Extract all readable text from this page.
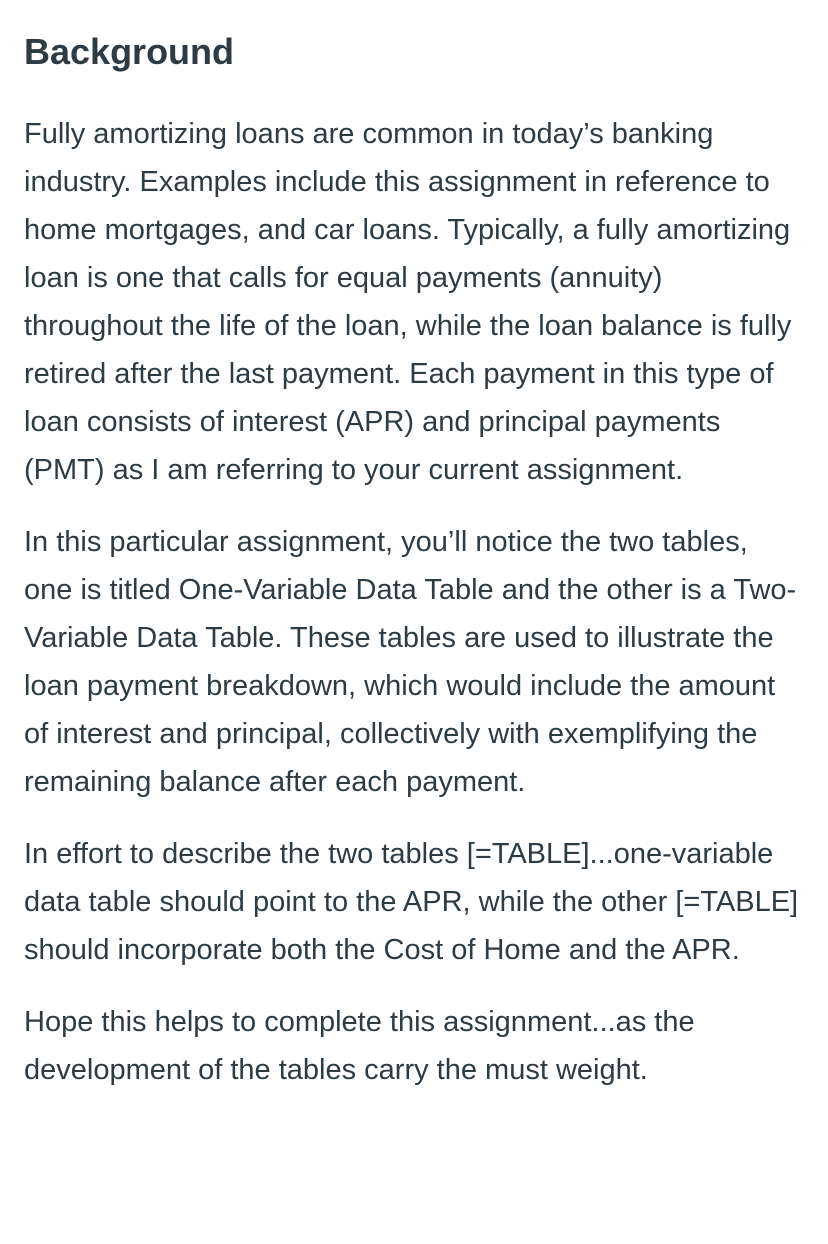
Background

Fully amortizing loans are common in today’s banking industry. Examples include this assignment in reference to home mortgages, and car loans. Typically, a fully amortizing loan is one that calls for equal payments (annuity) throughout the life of the loan, while the loan balance is fully retired after the last payment. Each payment in this type of loan consists of interest (APR) and principal payments (PMT) as I am referring to your current assignment.

In this particular assignment, you’ll notice the two tables, one is titled One-Variable Data Table and the other is a Two-Variable Data Table. These tables are used to illustrate the loan payment breakdown, which would include the amount of interest and principal, collectively with exemplifying the remaining balance after each payment.

In effort to describe the two tables [=TABLE]...one-variable data table should point to the APR, while the other [=TABLE] should incorporate both the Cost of Home and the APR.

Hope this helps to complete this assignment...as the development of the tables carry the must weight.
